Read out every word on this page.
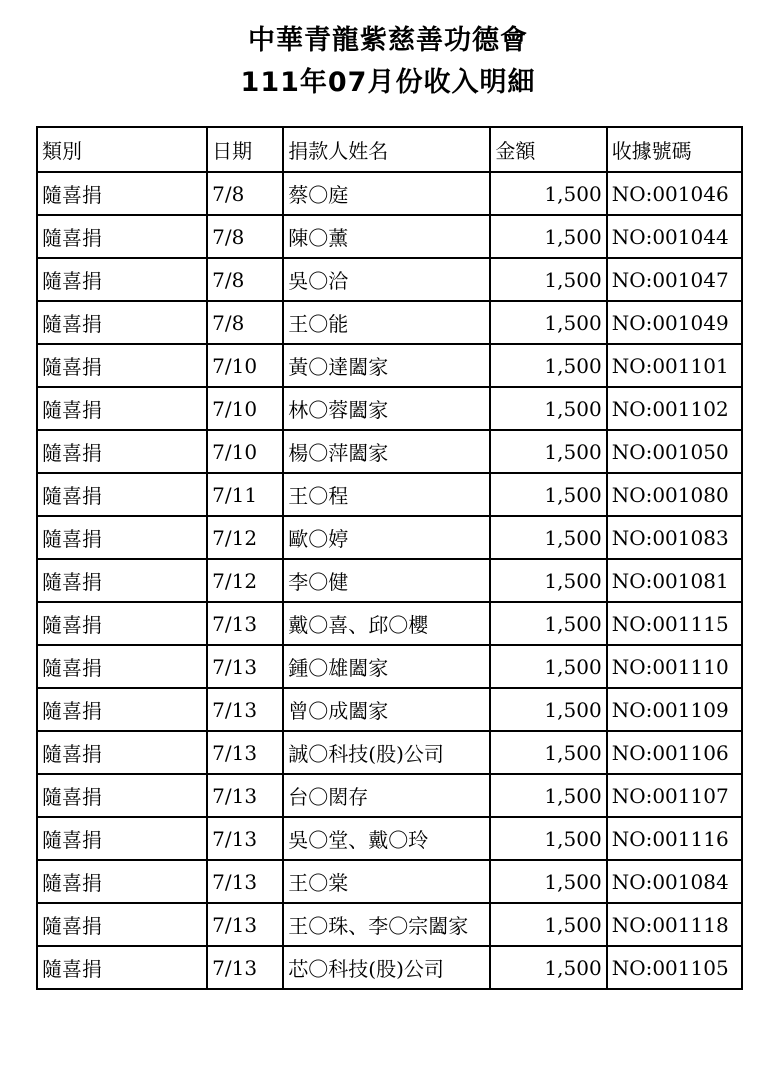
中華青龍紫慈善功德會
111年07月份收入明細
類別	日期	捐款人姓名	金額	收據號碼
隨喜捐	7/8	蔡〇庭	1,500	NO:001046
隨喜捐	7/8	陳〇薰	1,500	NO:001044
隨喜捐	7/8	吳〇洽	1,500	NO:001047
隨喜捐	7/8	王〇能	1,500	NO:001049
隨喜捐	7/10	黃〇達闔家	1,500	NO:001101
隨喜捐	7/10	林〇蓉闔家	1,500	NO:001102
隨喜捐	7/10	楊〇萍闔家	1,500	NO:001050
隨喜捐	7/11	王〇程	1,500	NO:001080
隨喜捐	7/12	歐〇婷	1,500	NO:001083
隨喜捐	7/12	李〇健	1,500	NO:001081
隨喜捐	7/13	戴〇喜、邱〇櫻	1,500	NO:001115
隨喜捐	7/13	鍾〇雄闔家	1,500	NO:001110
隨喜捐	7/13	曾〇成闔家	1,500	NO:001109
隨喜捐	7/13	誠〇科技(股)公司	1,500	NO:001106
隨喜捐	7/13	台〇閎存	1,500	NO:001107
隨喜捐	7/13	吳〇堂、戴〇玲	1,500	NO:001116
隨喜捐	7/13	王〇棠	1,500	NO:001084
隨喜捐	7/13	王〇珠、李〇宗闔家	1,500	NO:001118
隨喜捐	7/13	芯〇科技(股)公司	1,500	NO:001105
